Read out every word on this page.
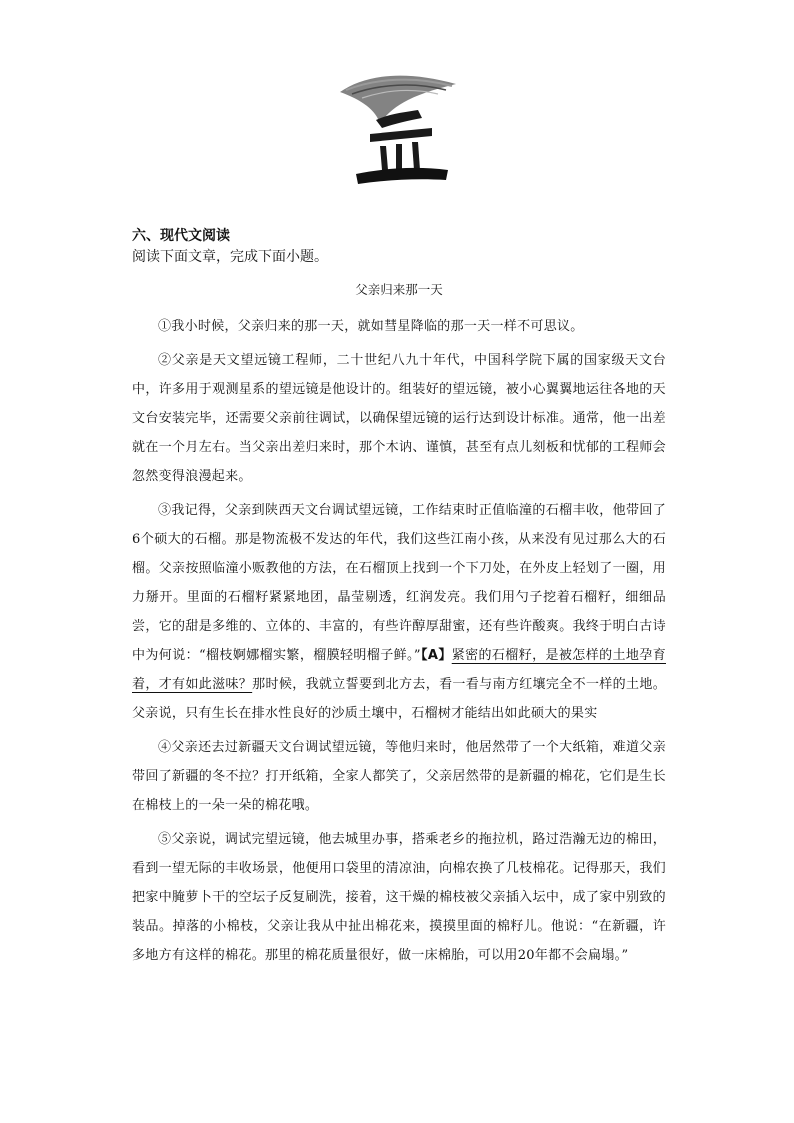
六、现代文阅读

阅读下面文章，完成下面小题。

父亲归来那一天

①我小时候，父亲归来的那一天，就如彗星降临的那一天一样不可思议。

②父亲是天文望远镜工程师，二十世纪八九十年代，中国科学院下属的国家级天文台中，许多用于观测星系的望远镜是他设计的。组装好的望远镜，被小心翼翼地运往各地的天文台安装完毕，还需要父亲前往调试，以确保望远镜的运行达到设计标准。通常，他一出差就在一个月左右。当父亲出差归来时，那个木讷、谨慎，甚至有点儿刻板和忧郁的工程师会忽然变得浪漫起来。

③我记得，父亲到陕西天文台调试望远镜，工作结束时正值临潼的石榴丰收，他带回了6个硕大的石榴。那是物流极不发达的年代，我们这些江南小孩，从来没有见过那么大的石榴。父亲按照临潼小贩教他的方法，在石榴顶上找到一个下刀处，在外皮上轻划了一圈，用力掰开。里面的石榴籽紧紧地团，晶莹剔透，红润发亮。我们用勺子挖着石榴籽，细细品尝，它的甜是多维的、立体的、丰富的，有些许醇厚甜蜜，还有些许酸爽。我终于明白古诗中为何说：“榴枝婀娜榴实繁，榴膜轻明榴子鲜。”【A】紧密的石榴籽，是被怎样的土地孕育着，才有如此滋味？那时候，我就立誓要到北方去，看一看与南方红壤完全不一样的土地。父亲说，只有生长在排水性良好的沙质土壤中，石榴树才能结出如此硕大的果实

④父亲还去过新疆天文台调试望远镜，等他归来时，他居然带了一个大纸箱，难道父亲带回了新疆的冬不拉？打开纸箱，全家人都笑了，父亲居然带的是新疆的棉花，它们是生长在棉枝上的一朵一朵的棉花哦。

⑤父亲说，调试完望远镜，他去城里办事，搭乘老乡的拖拉机，路过浩瀚无边的棉田，看到一望无际的丰收场景，他便用口袋里的清凉油，向棉农换了几枝棉花。记得那天，我们把家中腌萝卜干的空坛子反复刷洗，接着，这干燥的棉枝被父亲插入坛中，成了家中别致的装品。掉落的小棉枝，父亲让我从中扯出棉花来，摸摸里面的棉籽儿。他说：“在新疆，许多地方有这样的棉花。那里的棉花质量很好，做一床棉胎，可以用20年都不会扁塌。”
